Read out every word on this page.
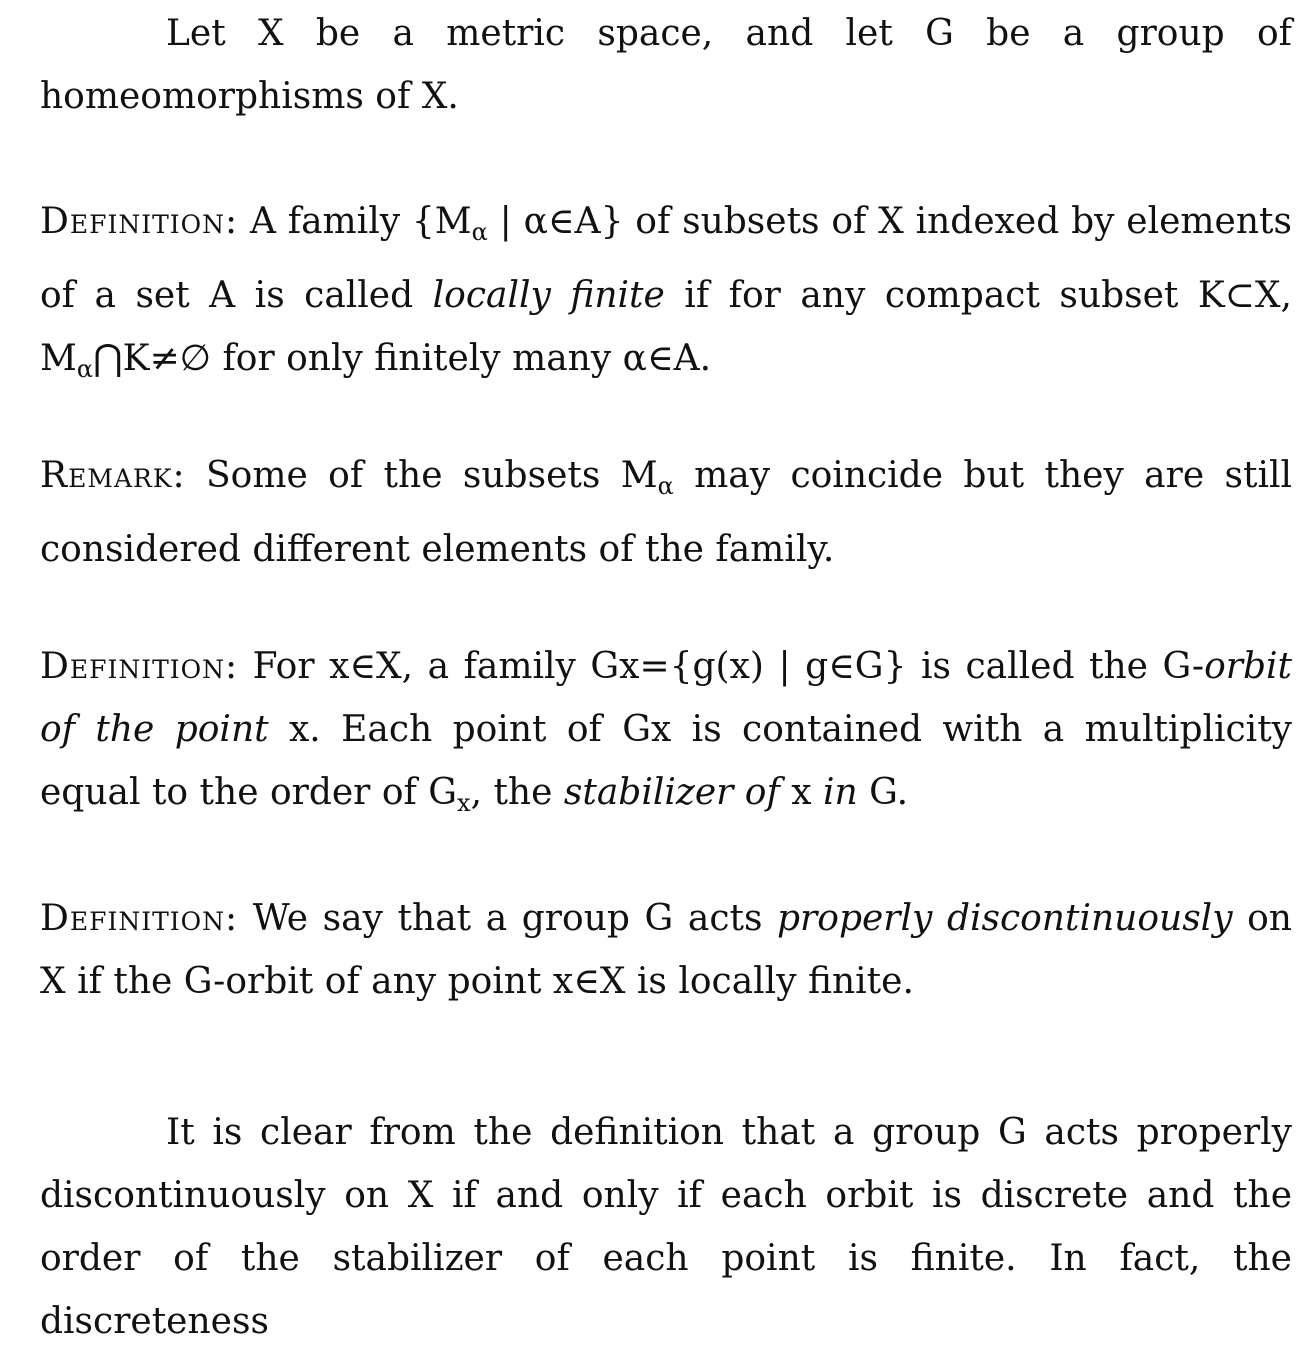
Let X be a metric space, and let G be a group of homeomorphisms of X.

Definition: A family {$M_\alpha$ | α∈A} of subsets of X indexed by elements of a set A is called locally finite if for any compact subset K⊂X, $M_\alpha⋂K\ne\emptyset$ for only finitely many α∈A.

Remark: Some of the subsets $M_\alpha$ may coincide but they are still considered different elements of the family.

Definition: For x∈X, a family Gx={g(x) | g∈G} is called the G-orbit of the point x. Each point of Gx is contained with a multiplicity equal to the order of $G_x$, the stabilizer of x in G.

Definition: We say that a group G acts properly discontinuously on X if the G-orbit of any point x∈X is locally finite.

It is clear from the definition that a group G acts properly discontinuously on X if and only if each orbit is discrete and the order of the stabilizer of each point is finite. In fact, the discreteness
